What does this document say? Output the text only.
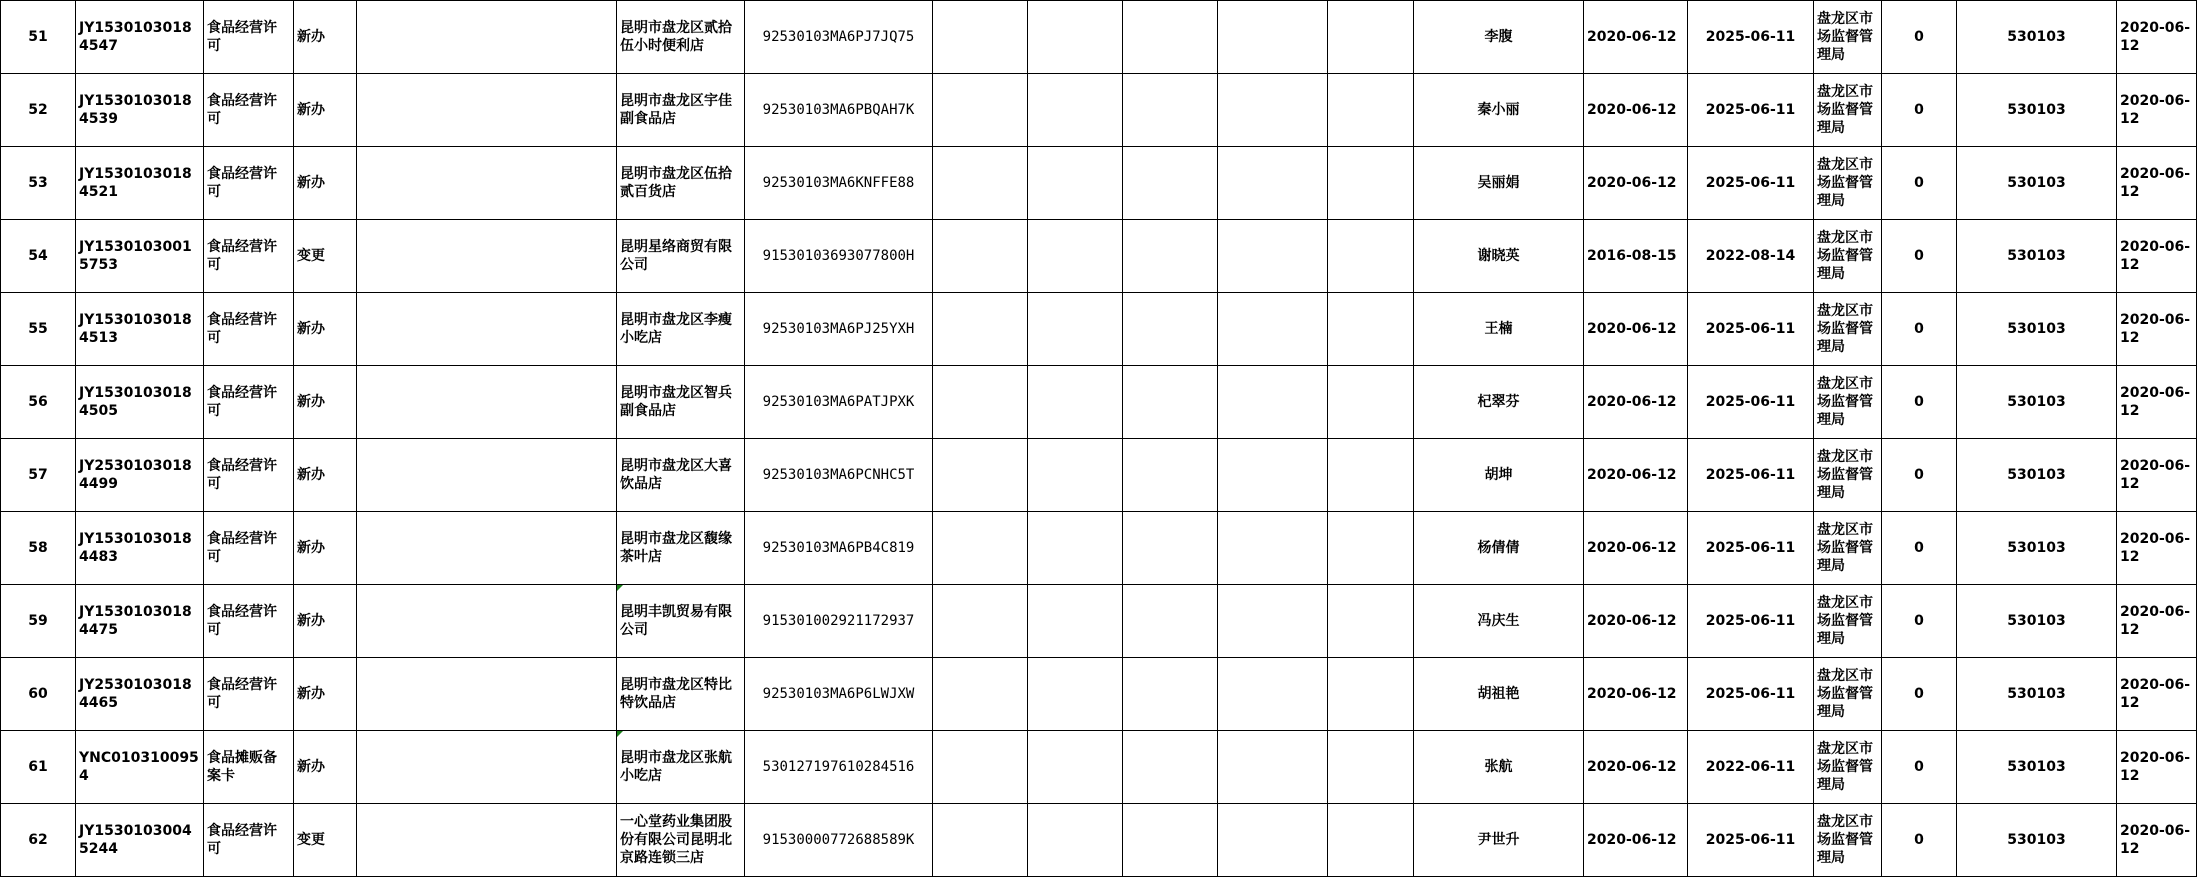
51	JY15301030184547	食品经营许可	新办		昆明市盘龙区贰拾伍小时便利店	92530103MA6PJ7JQ75						李腹	2020-06-12	2025-06-11	盘龙区市场监督管理局	0	530103	2020-06-12	
52	JY15301030184539	食品经营许可	新办		昆明市盘龙区宇佳副食品店	92530103MA6PBQAH7K						秦小丽	2020-06-12	2025-06-11	盘龙区市场监督管理局	0	530103	2020-06-12	
53	JY15301030184521	食品经营许可	新办		昆明市盘龙区伍拾贰百货店	92530103MA6KNFFE88						吴丽娟	2020-06-12	2025-06-11	盘龙区市场监督管理局	0	530103	2020-06-12	
54	JY15301030015753	食品经营许可	变更		昆明星络商贸有限公司	91530103693077800H						谢晓英	2016-08-15	2022-08-14	盘龙区市场监督管理局	0	530103	2020-06-12	
55	JY15301030184513	食品经营许可	新办		昆明市盘龙区李瘦小吃店	92530103MA6PJ25YXH						王楠	2020-06-12	2025-06-11	盘龙区市场监督管理局	0	530103	2020-06-12	
56	JY15301030184505	食品经营许可	新办		昆明市盘龙区智兵副食品店	92530103MA6PATJPXK						杞翠芬	2020-06-12	2025-06-11	盘龙区市场监督管理局	0	530103	2020-06-12	
57	JY25301030184499	食品经营许可	新办		昆明市盘龙区大喜饮品店	92530103MA6PCNHC5T						胡坤	2020-06-12	2025-06-11	盘龙区市场监督管理局	0	530103	2020-06-12	
58	JY15301030184483	食品经营许可	新办		昆明市盘龙区馥缘茶叶店	92530103MA6PB4C819						杨倩倩	2020-06-12	2025-06-11	盘龙区市场监督管理局	0	530103	2020-06-12	
59	JY15301030184475	食品经营许可	新办		昆明丰凯贸易有限公司	915301002921172937						冯庆生	2020-06-12	2025-06-11	盘龙区市场监督管理局	0	530103	2020-06-12	
60	JY25301030184465	食品经营许可	新办		昆明市盘龙区特比特饮品店	92530103MA6P6LWJXW						胡祖艳	2020-06-12	2025-06-11	盘龙区市场监督管理局	0	530103	2020-06-12	
61	YNC0103100954	食品摊贩备案卡	新办		昆明市盘龙区张航小吃店	530127197610284516						张航	2020-06-12	2022-06-11	盘龙区市场监督管理局	0	530103	2020-06-12	
62	JY15301030045244	食品经营许可	变更		一心堂药业集团股份有限公司昆明北京路连锁三店	91530000772688589K						尹世升	2020-06-12	2025-06-11	盘龙区市场监督管理局	0	530103	2020-06-12	
